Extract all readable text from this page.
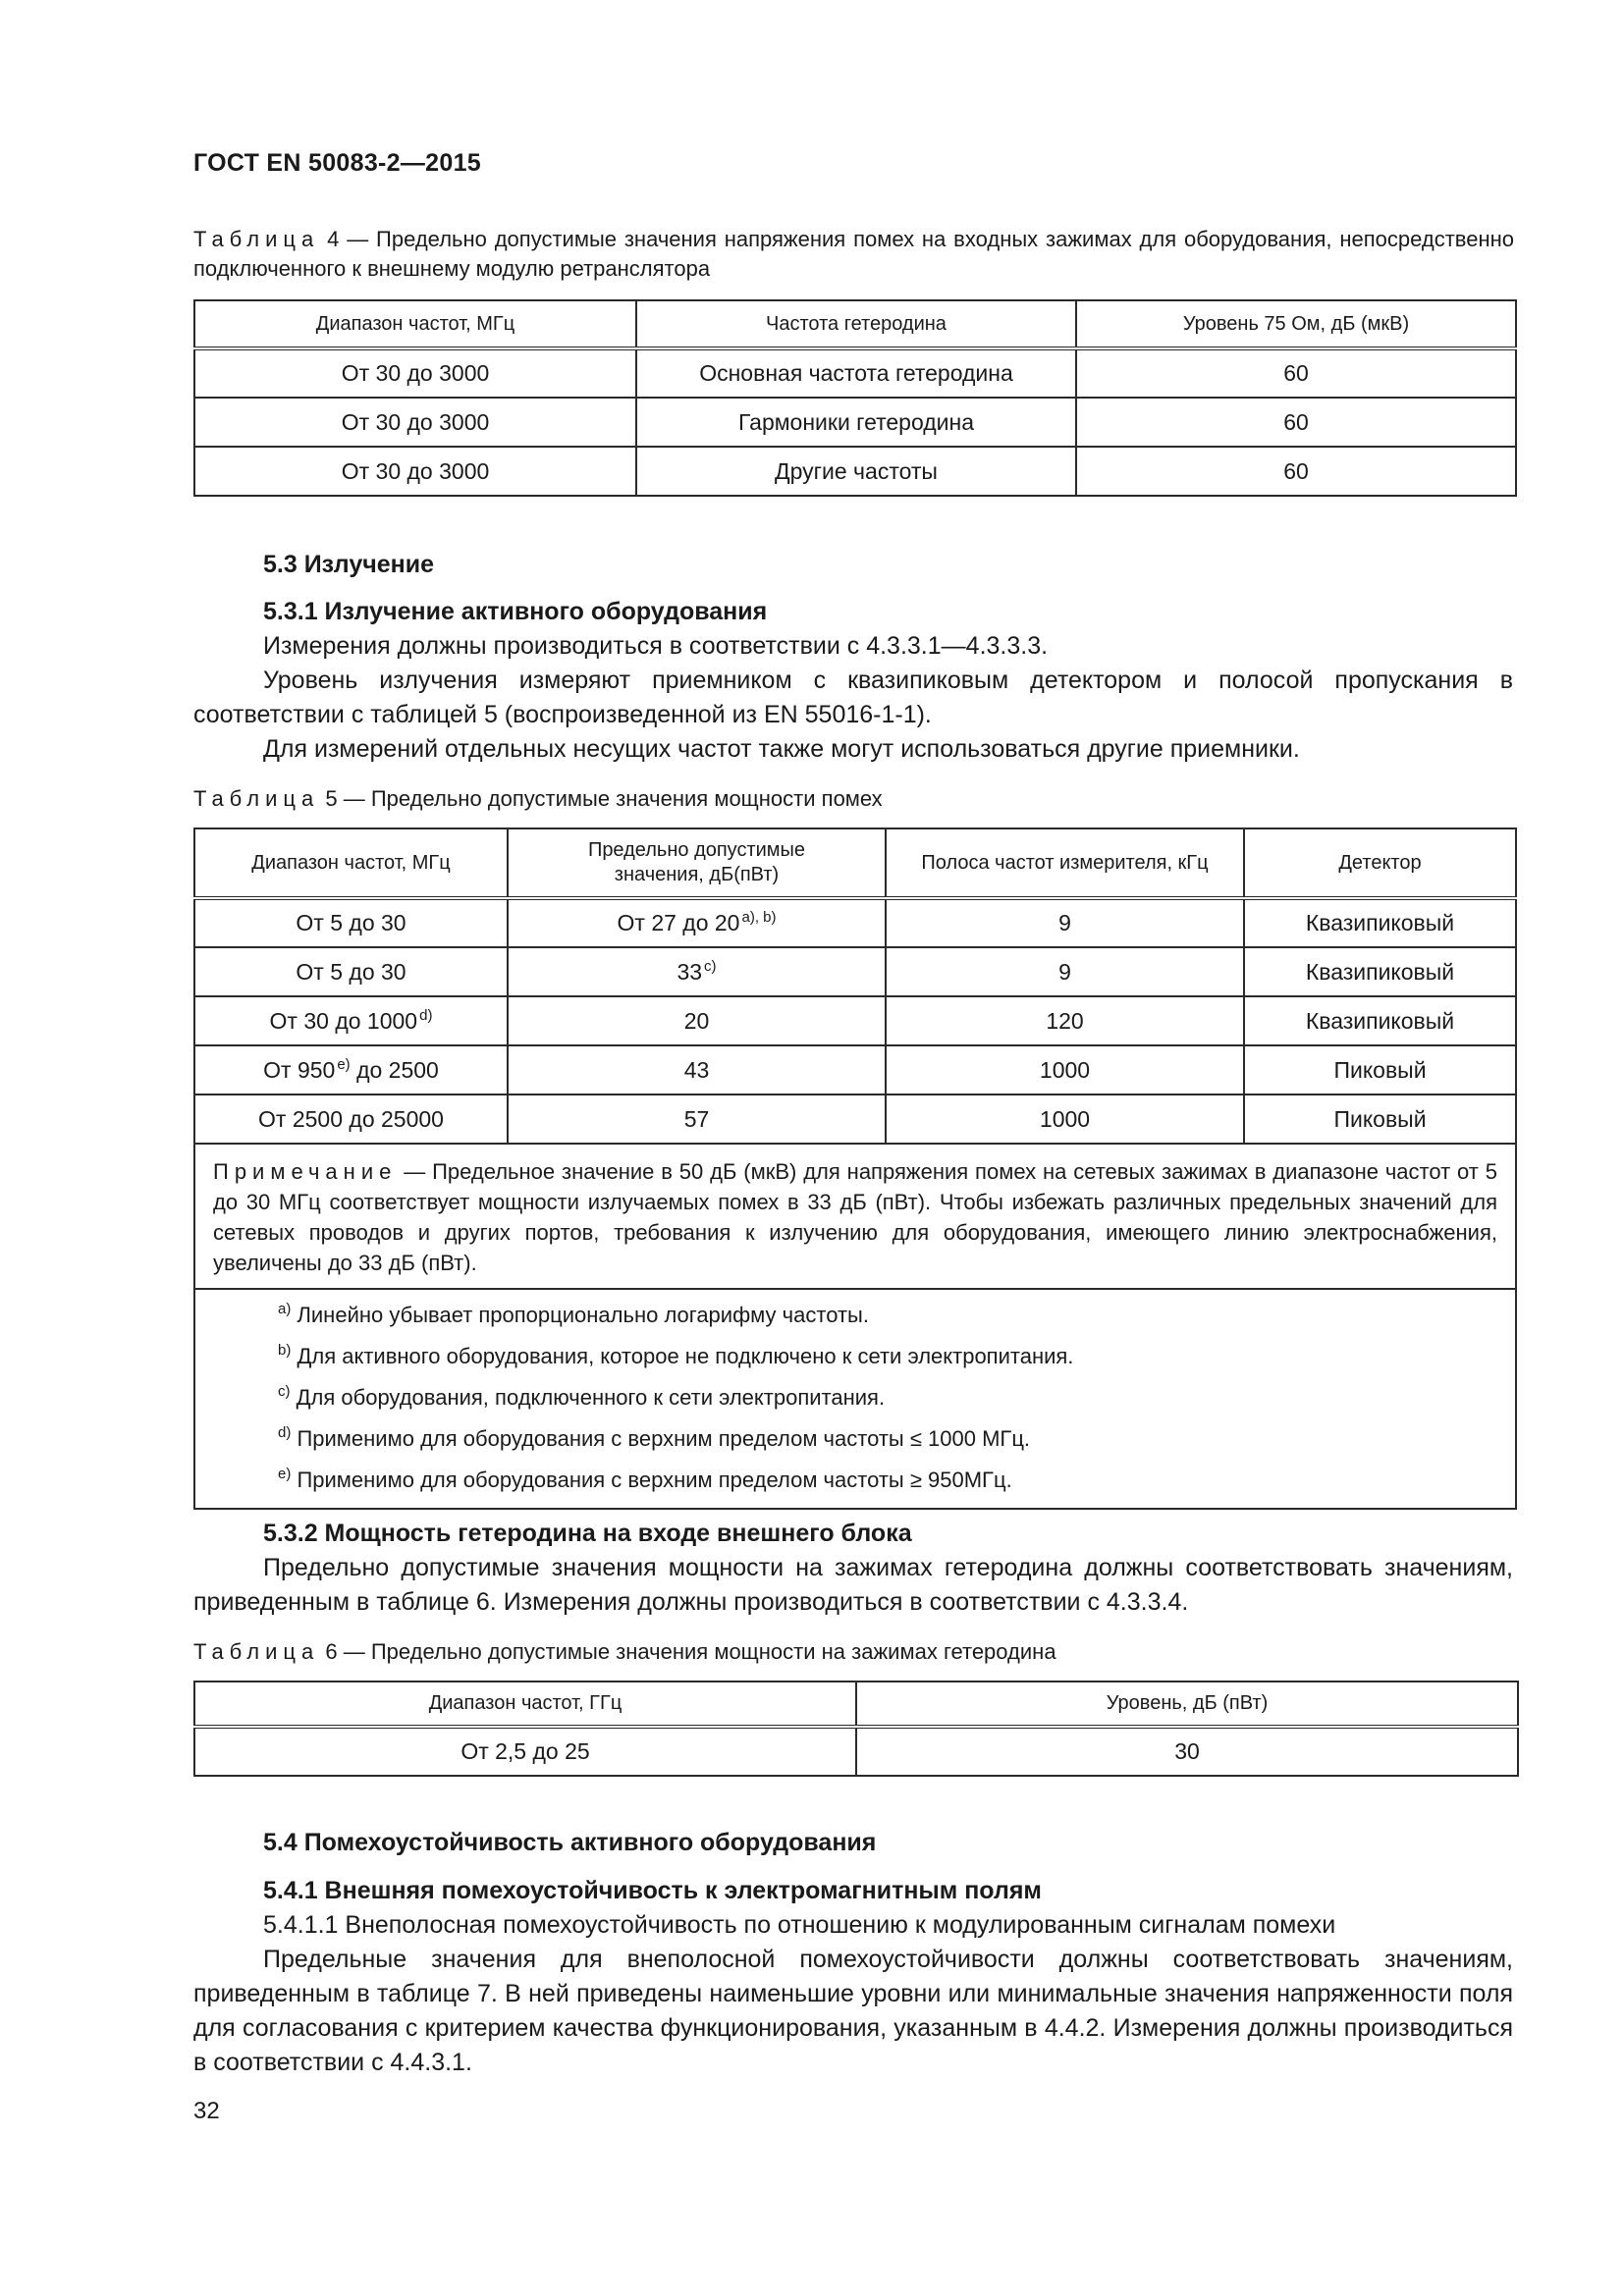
ГОСТ EN 50083-2—2015
Таблица 4 — Предельно допустимые значения напряжения помех на входных зажимах для оборудования, непосредственно подключенного к внешнему модулю ретранслятора
Диапазон частот, МГц	Частота гетеродина	Уровень 75 Ом, дБ (мкВ)
От 30 до 3000	Основная частота гетеродина	60
От 30 до 3000	Гармоники гетеродина	60
От 30 до 3000	Другие частоты	60
5.3 Излучение

5.3.1 Излучение активного оборудования

Измерения должны производиться в соответствии с 4.3.3.1—4.3.3.3.

Уровень излучения измеряют приемником с квазипиковым детектором и полосой пропускания в соответствии с таблицей 5 (воспроизведенной из EN 55016-1-1).

Для измерений отдельных несущих частот также могут использоваться другие приемники.

Таблица 5 — Предельно допустимые значения мощности помех
Диапазон частот, МГц	Предельно допустимые значения, дБ(пВт)	Полоса частот измерителя, кГц	Детектор
От 5 до 30	От 27 до 20 $^{a), b)}$	9	Квазипиковый
От 5 до 30	33 $^{c)}$	9	Квазипиковый
От 30 до 1000 $^{d)}$	20	120	Квазипиковый
От 950 $^{e)}$ до 2500	43	1000	Пиковый
От 2500 до 25000	57	1000	Пиковый
Примечание — Предельное значение в 50 дБ (мкВ) для напряжения помех на сетевых зажимах в диапазоне частот от 5 до 30 МГц соответствует мощности излучаемых помех в 33 дБ (пВт). Чтобы избежать различных предельных значений для сетевых проводов и других портов, требования к излучению для оборудования, имеющего линию электроснабжения, увеличены до 33 дБ (пВт).			

$^{a)}$ Линейно убывает пропорционально логарифму частоты.
$^{b)}$ Для активного оборудования, которое не подключено к сети электропитания.
$^{c)}$ Для оборудования, подключенного к сети электропитания.
$^{d)}$ Применимо для оборудования с верхним пределом частоты ≤ 1000 МГц.
$^{e)}$ Применимо для оборудования с верхним пределом частоты ≥ 950МГц.			

5.3.2 Мощность гетеродина на входе внешнего блока

Предельно допустимые значения мощности на зажимах гетеродина должны соответствовать значениям, приведенным в таблице 6. Измерения должны производиться в соответствии с 4.3.3.4.

Таблица 6 — Предельно допустимые значения мощности на зажимах гетеродина
Диапазон частот, ГГц	Уровень, дБ (пВт)
От 2,5 до 25	30
5.4 Помехоустойчивость активного оборудования

5.4.1 Внешняя помехоустойчивость к электромагнитным полям

5.4.1.1 Внеполосная помехоустойчивость по отношению к модулированным сигналам помехи

Предельные значения для внеполосной помехоустойчивости должны соответствовать значениям, приведенным в таблице 7. В ней приведены наименьшие уровни или минимальные значения напряженности поля для согласования с критерием качества функционирования, указанным в 4.4.2. Измерения должны производиться в соответствии с 4.4.3.1.

32
